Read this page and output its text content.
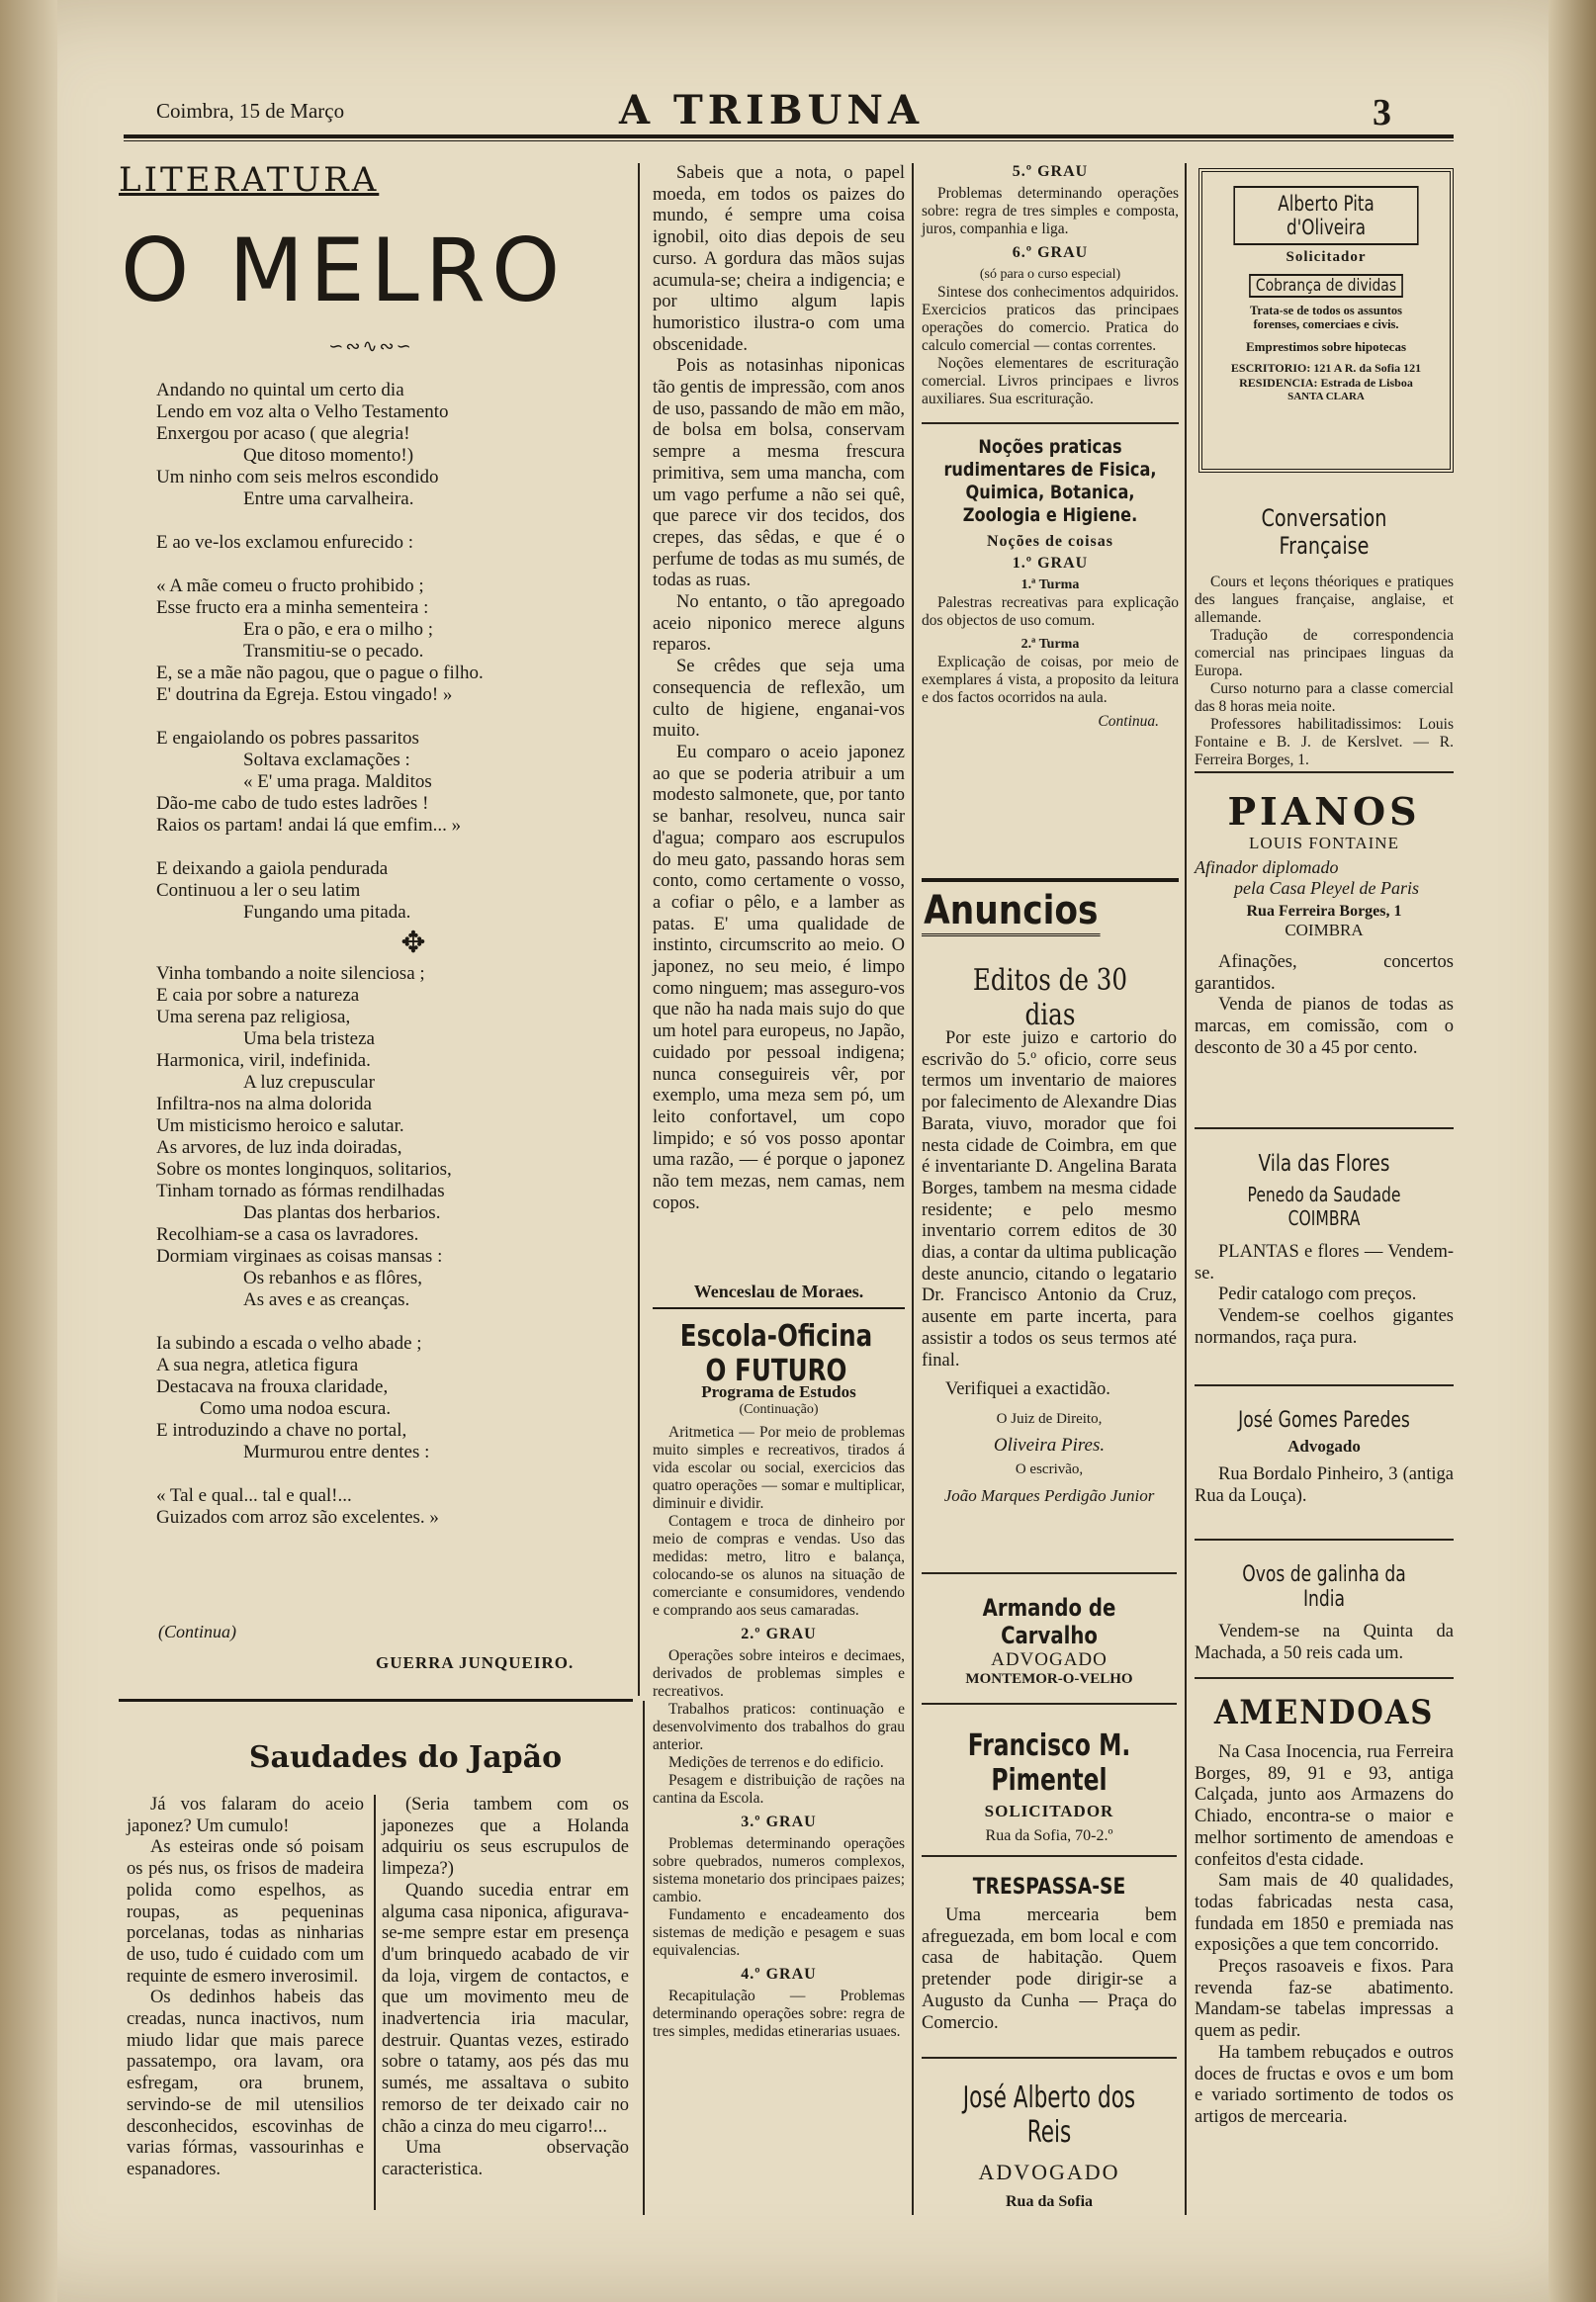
Coimbra, 15 de Março	A TRIBUNA	3
LITERATURA
O MELRO
∽∾∿∾∽
Andando no quintal um certo dia
Lendo em voz alta o Velho Testamento
Enxergou por acaso ( que alegria!
Que ditoso momento!)
Um ninho com seis melros escondido
Entre uma carvalheira.
E ao ve-los exclamou enfurecido :
« A mãe comeu o fructo prohibido ;
Esse fructo era a minha sementeira :
Era o pão, e era o milho ;
Transmitiu-se o pecado.
E, se a mãe não pagou, que o pague o filho.
E' doutrina da Egreja. Estou vingado! »
E engaiolando os pobres passaritos
Soltava exclamações :
« E' uma praga. Malditos
Dão-me cabo de tudo estes ladrões !
Raios os partam! andai lá que emfim... »
E deixando a gaiola pendurada
Continuou a ler o seu latim
Fungando uma pitada.
✥
Vinha tombando a noite silenciosa ;
E caia por sobre a natureza
Uma serena paz religiosa,
Uma bela tristeza
Harmonica, viril, indefinida.
A luz crepuscular
Infiltra-nos na alma dolorida
Um misticismo heroico e salutar.
As arvores, de luz inda doiradas,
Sobre os montes longinquos, solitarios,
Tinham tornado as fórmas rendilhadas
Das plantas dos herbarios.
Recolhiam-se a casa os lavradores.
Dormiam virginaes as coisas mansas :
Os rebanhos e as flôres,
As aves e as creanças.
Ia subindo a escada o velho abade ;
A sua negra, atletica figura
Destacava na frouxa claridade,
Como uma nodoa escura.
E introduzindo a chave no portal,
Murmurou entre dentes :
« Tal e qual... tal e qual!...
Guizados com arroz são excelentes. »
(Continua)
GUERRA JUNQUEIRO.
Saudades do Japão

Já vos falaram do aceio japonez? Um cumulo!

As esteiras onde só poisam os pés nus, os frisos de madeira polida como espelhos, as roupas, as pequeninas porcelanas, todas as ninharias de uso, tudo é cuidado com um requinte de esmero inverosimil.

Os dedinhos habeis das creadas, nunca inactivos, num miudo lidar que mais parece passatempo, ora lavam, ora esfregam, ora brunem, servindo-se de mil utensilios desconhecidos, escovinhas de varias fórmas, vassourinhas e espanadores.

(Seria tambem com os japonezes que a Holanda adquiriu os seus escrupulos de limpeza?)

Quando sucedia entrar em alguma casa niponica, afigurava-se-me sempre estar em presença d'um brinquedo acabado de vir da loja, virgem de contactos, e que um movimento meu de inadvertencia iria macular, destruir. Quantas vezes, estirado sobre o tatamy, aos pés das mu sumés, me assaltava o subito remorso de ter deixado cair no chão a cinza do meu cigarro!...

Uma observação caracteristica.

Sabeis que a nota, o papel moeda, em todos os paizes do mundo, é sempre uma coisa ignobil, oito dias depois de seu curso. A gordura das mãos sujas acumula-se; cheira a indigencia; e por ultimo algum lapis humoristico ilustra-o com uma obscenidade.

Pois as notasinhas niponicas tão gentis de impressão, com anos de uso, passando de mão em mão, de bolsa em bolsa, conservam sempre a mesma frescura primitiva, sem uma mancha, com um vago perfume a não sei quê, que parece vir dos tecidos, dos crepes, das sêdas, e que é o perfume de todas as mu sumés, de todas as ruas.

No entanto, o tão apregoado aceio niponico merece alguns reparos.

Se crêdes que seja uma consequencia de reflexão, um culto de higiene, enganai-vos muito.

Eu comparo o aceio japonez ao que se poderia atribuir a um modesto salmonete, que, por tanto se banhar, resolveu, nunca sair d'agua; comparo aos escrupulos do meu gato, passando horas sem conto, como certamente o vosso, a cofiar o pêlo, e a lamber as patas. E' uma qualidade de instinto, circumscrito ao meio. O japonez, no seu meio, é limpo como ninguem; mas asseguro-vos que não ha nada mais sujo do que um hotel para europeus, no Japão, cuidado por pessoal indigena; nunca conseguireis vêr, por exemplo, uma meza sem pó, um leito confortavel, um copo limpido; e só vos posso apontar uma razão, — é porque o japonez não tem mezas, nem camas, nem copos.

Wenceslau de Moraes.
Escola-Oficina O FUTURO
Programa de Estudos
(Continuação)

Aritmetica — Por meio de problemas muito simples e recreativos, tirados á vida escolar ou social, exercicios das quatro operações — somar e multiplicar, diminuir e dividir.

Contagem e troca de dinheiro por meio de compras e vendas. Uso das medidas: metro, litro e balança, colocando-se os alunos na situação de comerciante e consumidores, vendendo e comprando aos seus camaradas.

2.º GRAU

Operações sobre inteiros e decimaes, derivados de problemas simples e recreativos.

Trabalhos praticos: continuação e desenvolvimento dos trabalhos do grau anterior.

Medições de terrenos e do edificio.

Pesagem e distribuição de rações na cantina da Escola.

3.º GRAU

Problemas determinando operações sobre quebrados, numeros complexos, sistema monetario dos principaes paizes; cambio.

Fundamento e encadeamento dos sistemas de medição e pesagem e suas equivalencias.

4.º GRAU

Recapitulação — Problemas determinando operações sobre: regra de tres simples, medidas etinerarias usuaes.

5.º GRAU

Problemas determinando operações sobre: regra de tres simples e composta, juros, companhia e liga.

6.º GRAU
(só para o curso especial)

Sintese dos conhecimentos adquiridos. Exercicios praticos das principaes operações do comercio. Pratica do calculo comercial — contas correntes.

Noções elementares de escrituração comercial. Livros principaes e livros auxiliares. Sua escrituração.

Noções praticas rudimentares de Fisica, Quimica, Botanica, Zoologia e Higiene.
Noções de coisas
1.º GRAU
1.ª Turma

Palestras recreativas para explicação dos objectos de uso comum.

2.ª Turma

Explicação de coisas, por meio de exemplares á vista, a proposito da leitura e dos factos ocorridos na aula.

Continua.
Anuncios
Editos de 30 dias

Por este juizo e cartorio do escrivão do 5.º oficio, corre seus termos um inventario de maiores por falecimento de Alexandre Dias Barata, viuvo, morador que foi nesta cidade de Coimbra, em que é inventariante D. Angelina Barata Borges, tambem na mesma cidade residente; e pelo mesmo inventario correm editos de 30 dias, a contar da ultima publicação deste anuncio, citando o legatario Dr. Francisco Antonio da Cruz, ausente em parte incerta, para assistir a todos os seus termos até final.

Verifiquei a exactidão.

O Juiz de Direito,
Oliveira Pires.
O escrivão,
João Marques Perdigão Junior
Armando de Carvalho
ADVOGADO
MONTEMOR-O-VELHO
Francisco M. Pimentel
SOLICITADOR
Rua da Sofia, 70-2.º
TRESPASSA-SE

Uma mercearia bem afreguezada, em bom local e com casa de habitação. Quem pretender pode dirigir-se a Augusto da Cunha — Praça do Comercio.

José Alberto dos Reis
ADVOGADO
Rua da Sofia
Alberto Pita d'Oliveira
Solicitador
Cobrança de dividas
Trata-se de todos os assuntos forenses, comerciaes e civis.
Emprestimos sobre hipotecas
ESCRITORIO: 121 A R. da Sofia 121
RESIDENCIA: Estrada de Lisboa
SANTA CLARA
Conversation Française

Cours et leçons théoriques e pratiques des langues française, anglaise, et allemande.

Tradução de correspondencia comercial nas principaes linguas da Europa.

Curso noturno para a classe comercial das 8 horas meia noite.

Professores habilitadissimos: Louis Fontaine e B. J. de Kerslvet. — R. Ferreira Borges, 1.

PIANOS
LOUIS FONTAINE
Afinador diplomado
pela Casa Pleyel de Paris
Rua Ferreira Borges, 1
COIMBRA

Afinações, concertos garantidos.

Venda de pianos de todas as marcas, em comissão, com o desconto de 30 a 45 por cento.

Vila das Flores
Penedo da Saudade COIMBRA

PLANTAS e flores — Vendem-se.

Pedir catalogo com preços.

Vendem-se coelhos gigantes normandos, raça pura.

José Gomes Paredes
Advogado

Rua Bordalo Pinheiro, 3 (antiga Rua da Louça).

Ovos de galinha da India

Vendem-se na Quinta da Machada, a 50 reis cada um.

AMENDOAS

Na Casa Inocencia, rua Ferreira Borges, 89, 91 e 93, antiga Calçada, junto aos Armazens do Chiado, encontra-se o maior e melhor sortimento de amendoas e confeitos d'esta cidade.

Sam mais de 40 qualidades, todas fabricadas nesta casa, fundada em 1850 e premiada nas exposições a que tem concorrido.

Preços rasoaveis e fixos. Para revenda faz-se abatimento. Mandam-se tabelas impressas a quem as pedir.

Ha tambem rebuçados e outros doces de fructas e ovos e um bom e variado sortimento de todos os artigos de mercearia.
